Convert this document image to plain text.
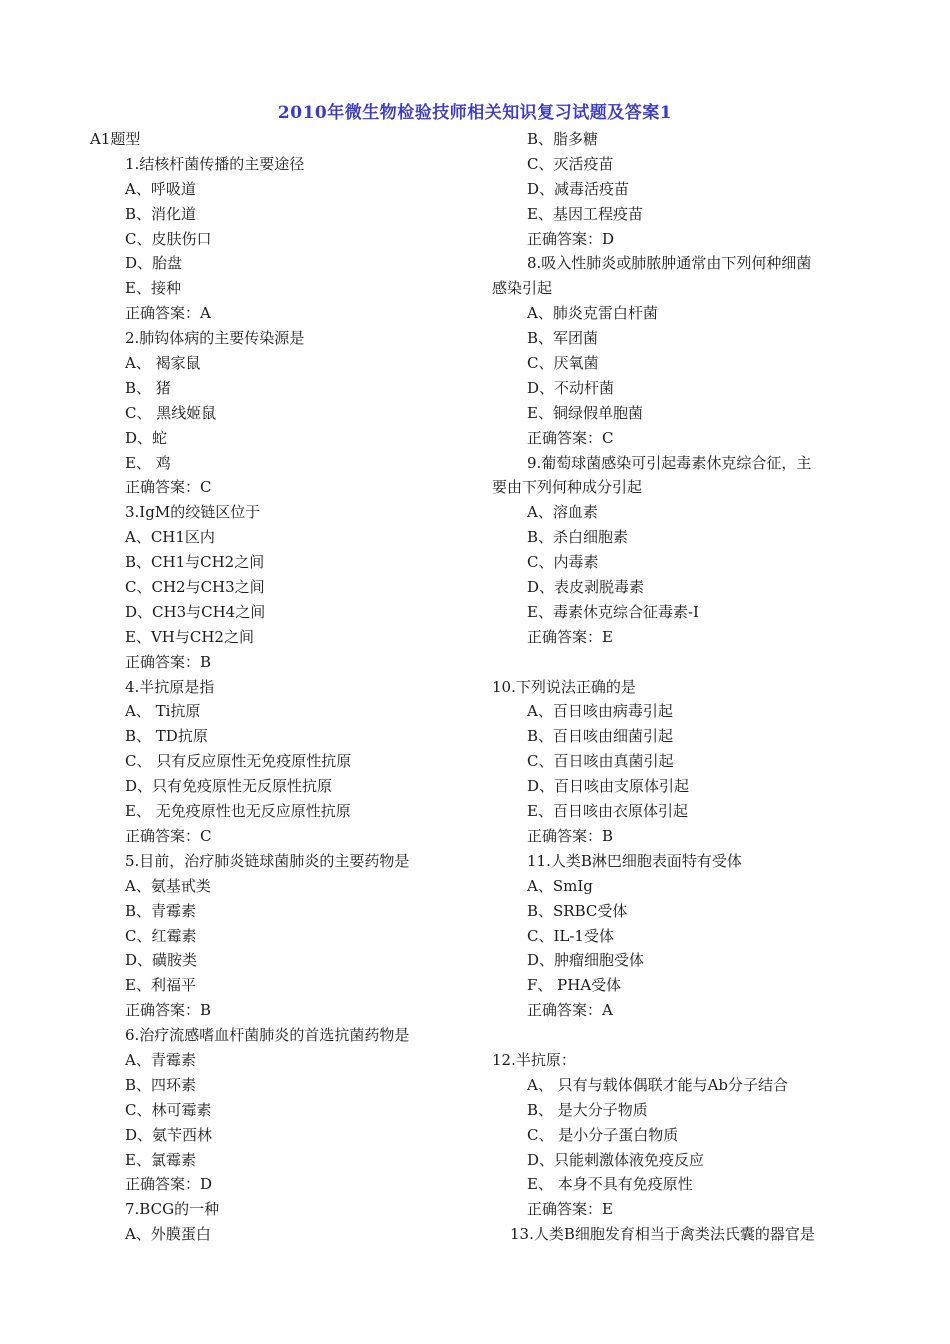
2010年微生物检验技师相关知识复习试题及答案1
A1题型
1.结核杆菌传播的主要途径
A、呼吸道
B、消化道
C、皮肤伤口
D、胎盘
E、接种
正确答案：A
2.肺钩体病的主要传染源是
A、 褐家鼠
B、 猪
C、 黑线姬鼠
D、蛇
E、 鸡
正确答案：C
3.IgM的绞链区位于
A、CH1区内
B、CH1与CH2之间
C、CH2与CH3之间
D、CH3与CH4之间
E、VH与CH2之间
正确答案：B
4.半抗原是指
A、 Ti抗原
B、 TD抗原
C、 只有反应原性无免疫原性抗原
D、只有免疫原性无反原性抗原
E、 无免疫原性也无反应原性抗原
正确答案：C
5.目前，治疗肺炎链球菌肺炎的主要药物是
A、氨基甙类
B、青霉素
C、红霉素
D、磺胺类
E、利福平
正确答案：B
6.治疗流感嗜血杆菌肺炎的首选抗菌药物是
A、青霉素
B、四环素
C、林可霉素
D、氨苄西林
E、氯霉素
正确答案：D
7.BCG的一种
A、外膜蛋白
B、脂多糖
C、灭活疫苗
D、减毒活疫苗
E、基因工程疫苗
正确答案：D
8.吸入性肺炎或肺脓肿通常由下列何种细菌
感染引起
A、肺炎克雷白杆菌
B、军团菌
C、厌氧菌
D、不动杆菌
E、铜绿假单胞菌
正确答案：C
9.葡萄球菌感染可引起毒素休克综合征，主
要由下列何种成分引起
A、溶血素
B、杀白细胞素
C、内毒素
D、表皮剥脱毒素
E、毒素休克综合征毒素-I
正确答案：E
10.下列说法正确的是
A、百日咳由病毒引起
B、百日咳由细菌引起
C、百日咳由真菌引起
D、百日咳由支原体引起
E、百日咳由衣原体引起
正确答案：B
11.人类B淋巴细胞表面特有受体
A、SmIg
B、SRBC受体
C、IL-1受体
D、肿瘤细胞受体
F、 PHA受体
正确答案：A
12.半抗原：
A、 只有与载体偶联才能与Ab分子结合
B、 是大分子物质
C、 是小分子蛋白物质
D、只能刺激体液免疫反应
E、 本身不具有免疫原性
正确答案：E
13.人类B细胞发育相当于禽类法氏囊的器官是
